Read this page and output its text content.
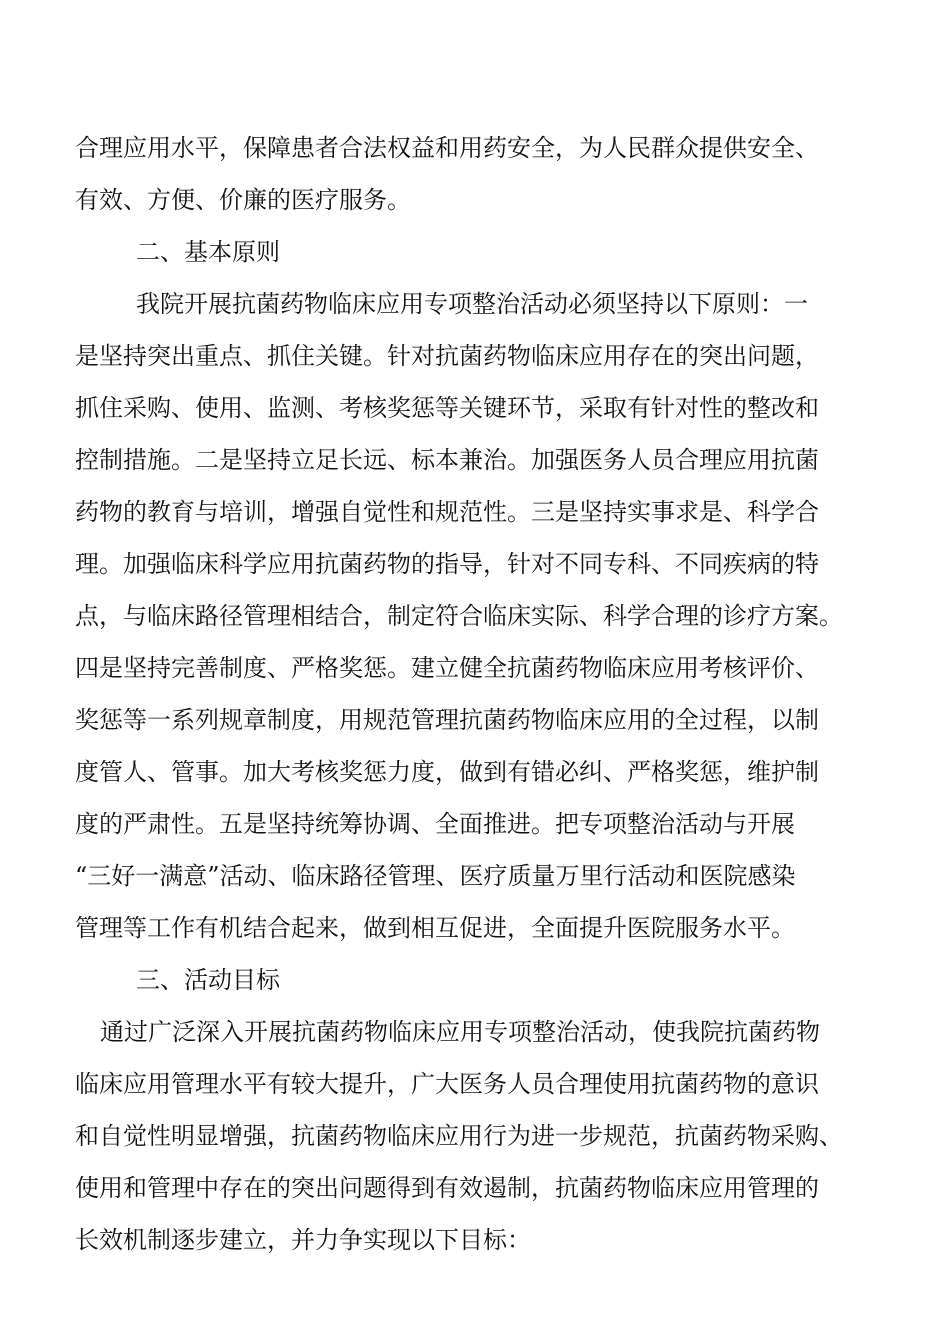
合理应用水平，保障患者合法权益和用药安全，为人民群众提供安全、
有效、方便、价廉的医疗服务。
二、基本原则
我院开展抗菌药物临床应用专项整治活动必须坚持以下原则：一
是坚持突出重点、抓住关键。针对抗菌药物临床应用存在的突出问题，
抓住采购、使用、监测、考核奖惩等关键环节，采取有针对性的整改和
控制措施。二是坚持立足长远、标本兼治。加强医务人员合理应用抗菌
药物的教育与培训，增强自觉性和规范性。三是坚持实事求是、科学合
理。加强临床科学应用抗菌药物的指导，针对不同专科、不同疾病的特
点，与临床路径管理相结合，制定符合临床实际、科学合理的诊疗方案。
四是坚持完善制度、严格奖惩。建立健全抗菌药物临床应用考核评价、
奖惩等一系列规章制度，用规范管理抗菌药物临床应用的全过程，以制
度管人、管事。加大考核奖惩力度，做到有错必纠、严格奖惩，维护制
度的严肃性。五是坚持统筹协调、全面推进。把专项整治活动与开展
“三好一满意”活动、临床路径管理、医疗质量万里行活动和医院感染
管理等工作有机结合起来，做到相互促进，全面提升医院服务水平。
三、活动目标
通过广泛深入开展抗菌药物临床应用专项整治活动，使我院抗菌药物
临床应用管理水平有较大提升，广大医务人员合理使用抗菌药物的意识
和自觉性明显增强，抗菌药物临床应用行为进一步规范，抗菌药物采购、
使用和管理中存在的突出问题得到有效遏制，抗菌药物临床应用管理的
长效机制逐步建立，并力争实现以下目标：
